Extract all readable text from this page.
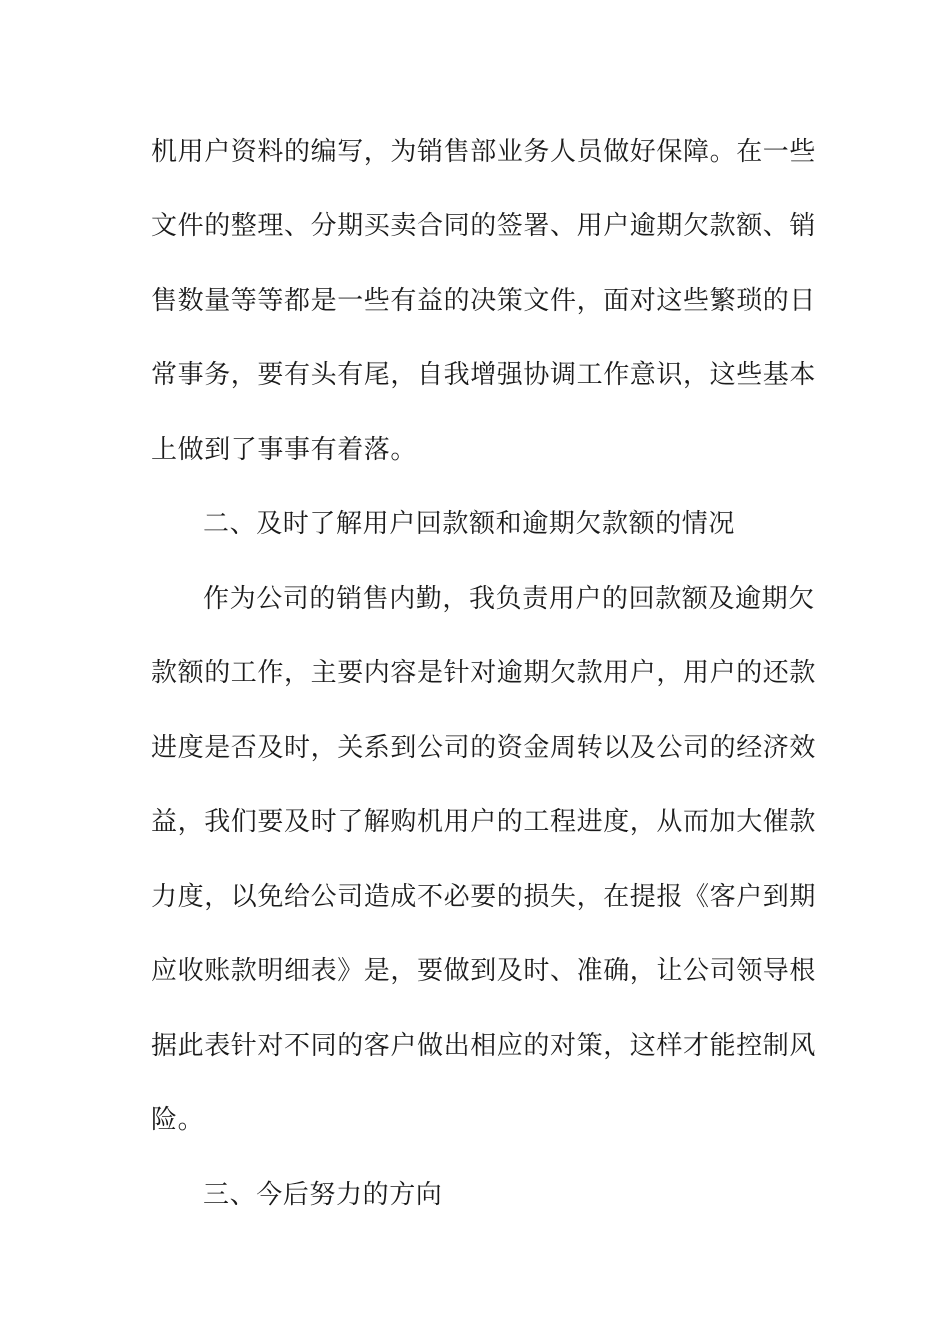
机用户资料的编写，为销售部业务人员做好保障。在一些
文件的整理、分期买卖合同的签署、用户逾期欠款额、销
售数量等等都是一些有益的决策文件，面对这些繁琐的日
常事务，要有头有尾，自我增强协调工作意识，这些基本
上做到了事事有着落。
二、及时了解用户回款额和逾期欠款额的情况
作为公司的销售内勤，我负责用户的回款额及逾期欠
款额的工作，主要内容是针对逾期欠款用户，用户的还款
进度是否及时，关系到公司的资金周转以及公司的经济效
益，我们要及时了解购机用户的工程进度，从而加大催款
力度，以免给公司造成不必要的损失，在提报《客户到期
应收账款明细表》是，要做到及时、准确，让公司领导根
据此表针对不同的客户做出相应的对策，这样才能控制风
险。
三、今后努力的方向
